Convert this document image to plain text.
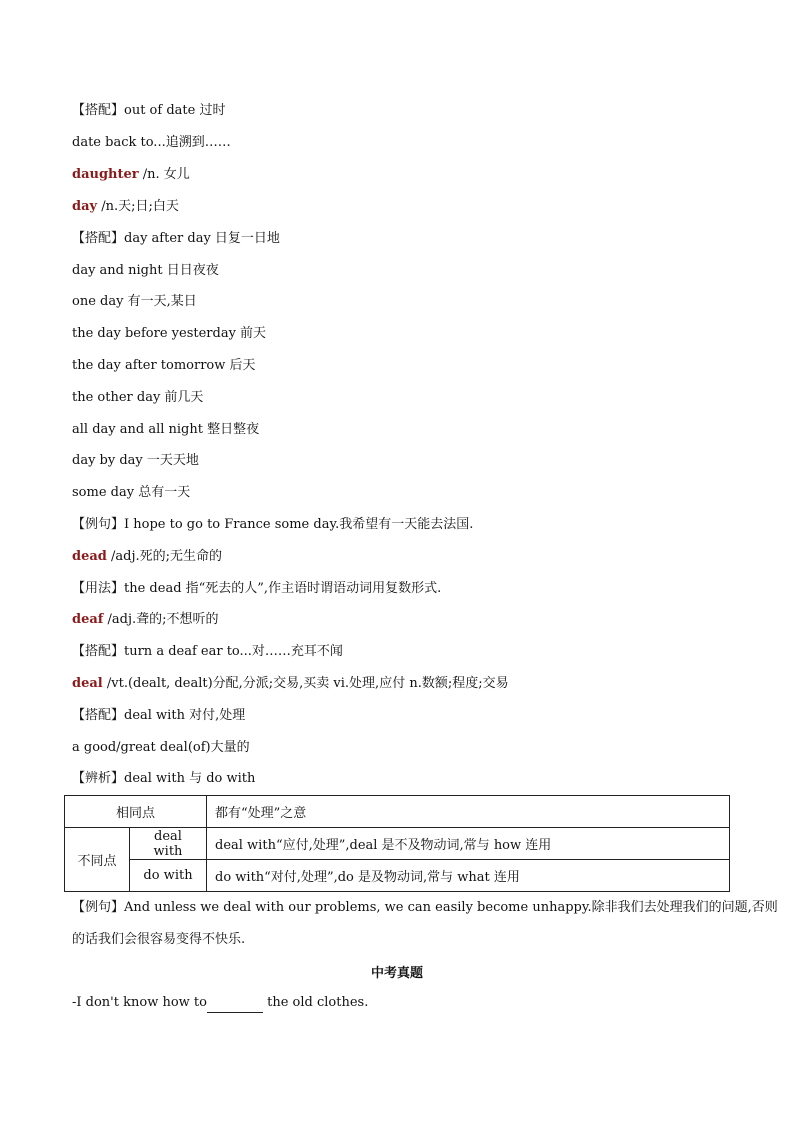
【搭配】out of date 过时
date back to...追溯到……
daughter /n. 女儿
day /n.天;日;白天
【搭配】day after day 日复一日地
day and night 日日夜夜
one day 有一天,某日
the day before yesterday 前天
the day after tomorrow 后天
the other day 前几天
all day and all night 整日整夜
day by day 一天天地
some day 总有一天
【例句】I hope to go to France some day.我希望有一天能去法国.
dead /adj.死的;无生命的
【用法】the dead 指“死去的人”,作主语时谓语动词用复数形式.
deaf /adj.聋的;不想听的
【搭配】turn a deaf ear to...对……充耳不闻
deal /vt.(dealt, dealt)分配,分派;交易,买卖 vi.处理,应付 n.数额;程度;交易
【搭配】deal with 对付,处理
a good/great deal(of)大量的
【辨析】deal with 与 do with
相同点		都有“处理”之意
不同点	deal with	deal with“应付,处理”,deal 是不及物动词,常与 how 连用
	do with	do with“对付,处理”,do 是及物动词,常与 what 连用
【例句】And unless we deal with our problems, we can easily become unhappy.除非我们去处理我们的问题,否则
的话我们会很容易变得不快乐.
中考真题
-I don't know how to	the old clothes.
